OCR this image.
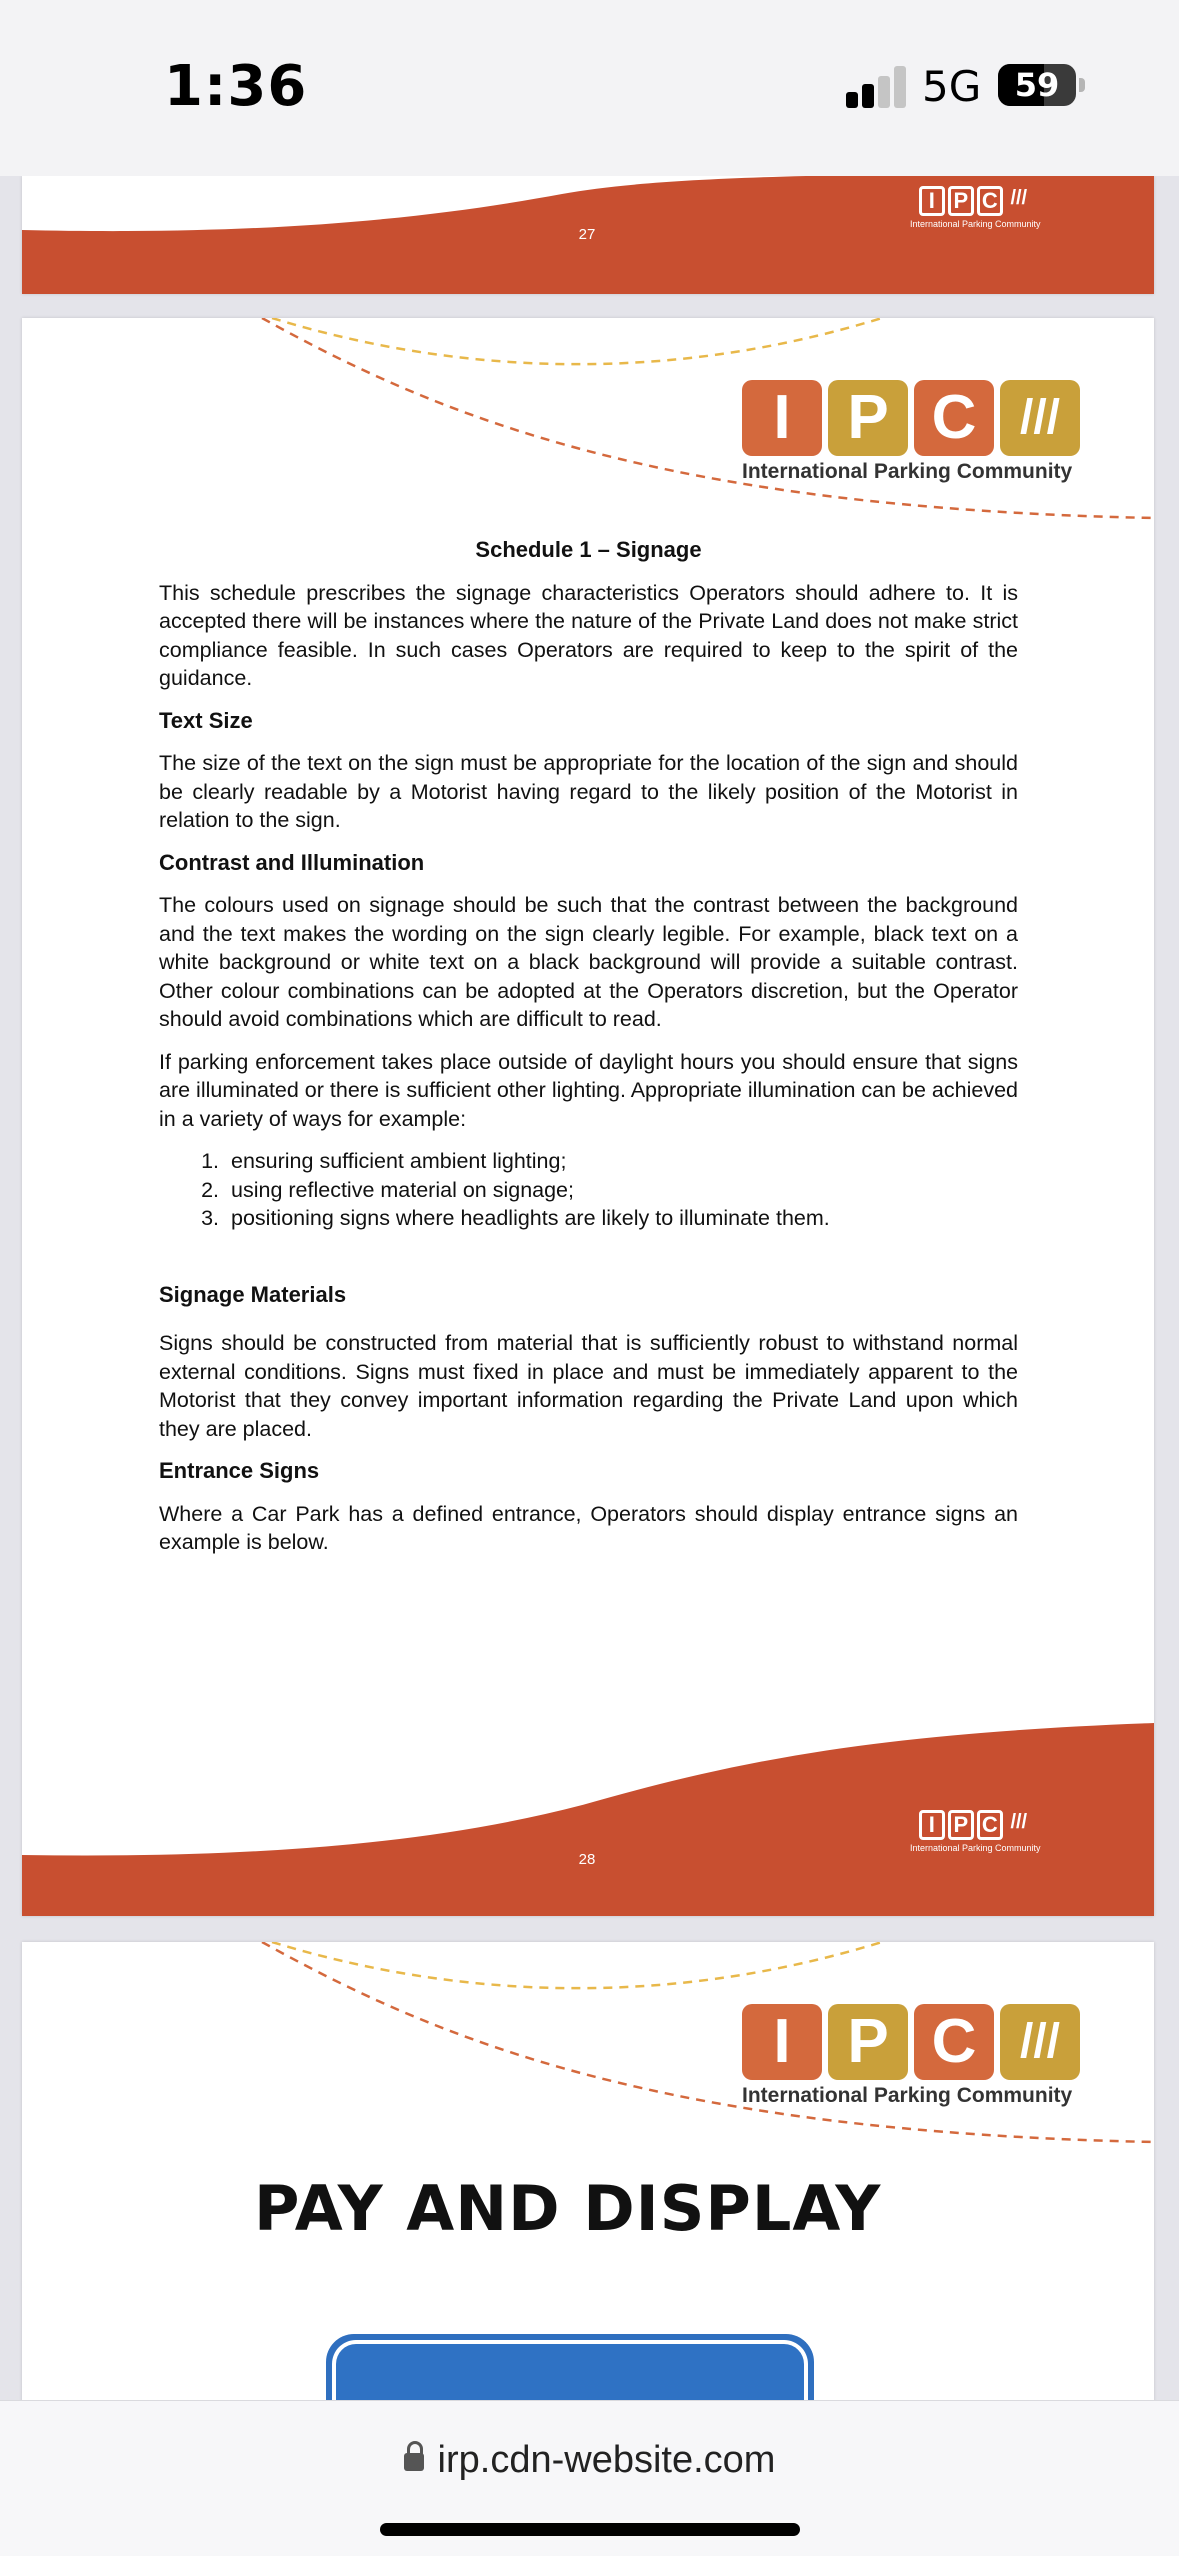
1:36	5G	59
27
I P C ///
International Parking Community
I P C ///
International Parking Community
Schedule 1 – Signage

This schedule prescribes the signage characteristics Operators should adhere to. It is accepted there will be instances where the nature of the Private Land does not make strict compliance feasible. In such cases Operators are required to keep to the spirit of the guidance.

Text Size

The size of the text on the sign must be appropriate for the location of the sign and should be clearly readable by a Motorist having regard to the likely position of the Motorist in relation to the sign.

Contrast and Illumination

The colours used on signage should be such that the contrast between the background and the text makes the wording on the sign clearly legible. For example, black text on a white background or white text on a black background will provide a suitable contrast. Other colour combinations can be adopted at the Operators discretion, but the Operator should avoid combinations which are difficult to read.

If parking enforcement takes place outside of daylight hours you should ensure that signs are illuminated or there is sufficient other lighting. Appropriate illumination can be achieved in a variety of ways for example:

1. ensuring sufficient ambient lighting;
2. using reflective material on signage;
3. positioning signs where headlights are likely to illuminate them.
Signage Materials

Signs should be constructed from material that is sufficiently robust to withstand normal external conditions. Signs must fixed in place and must be immediately apparent to the Motorist that they convey important information regarding the Private Land upon which they are placed.

Entrance Signs

Where a Car Park has a defined entrance, Operators should display entrance signs an example is below.

28
I P C ///
International Parking Community
I P C ///
International Parking Community
PAY AND DISPLAY
irp.cdn-website.com
